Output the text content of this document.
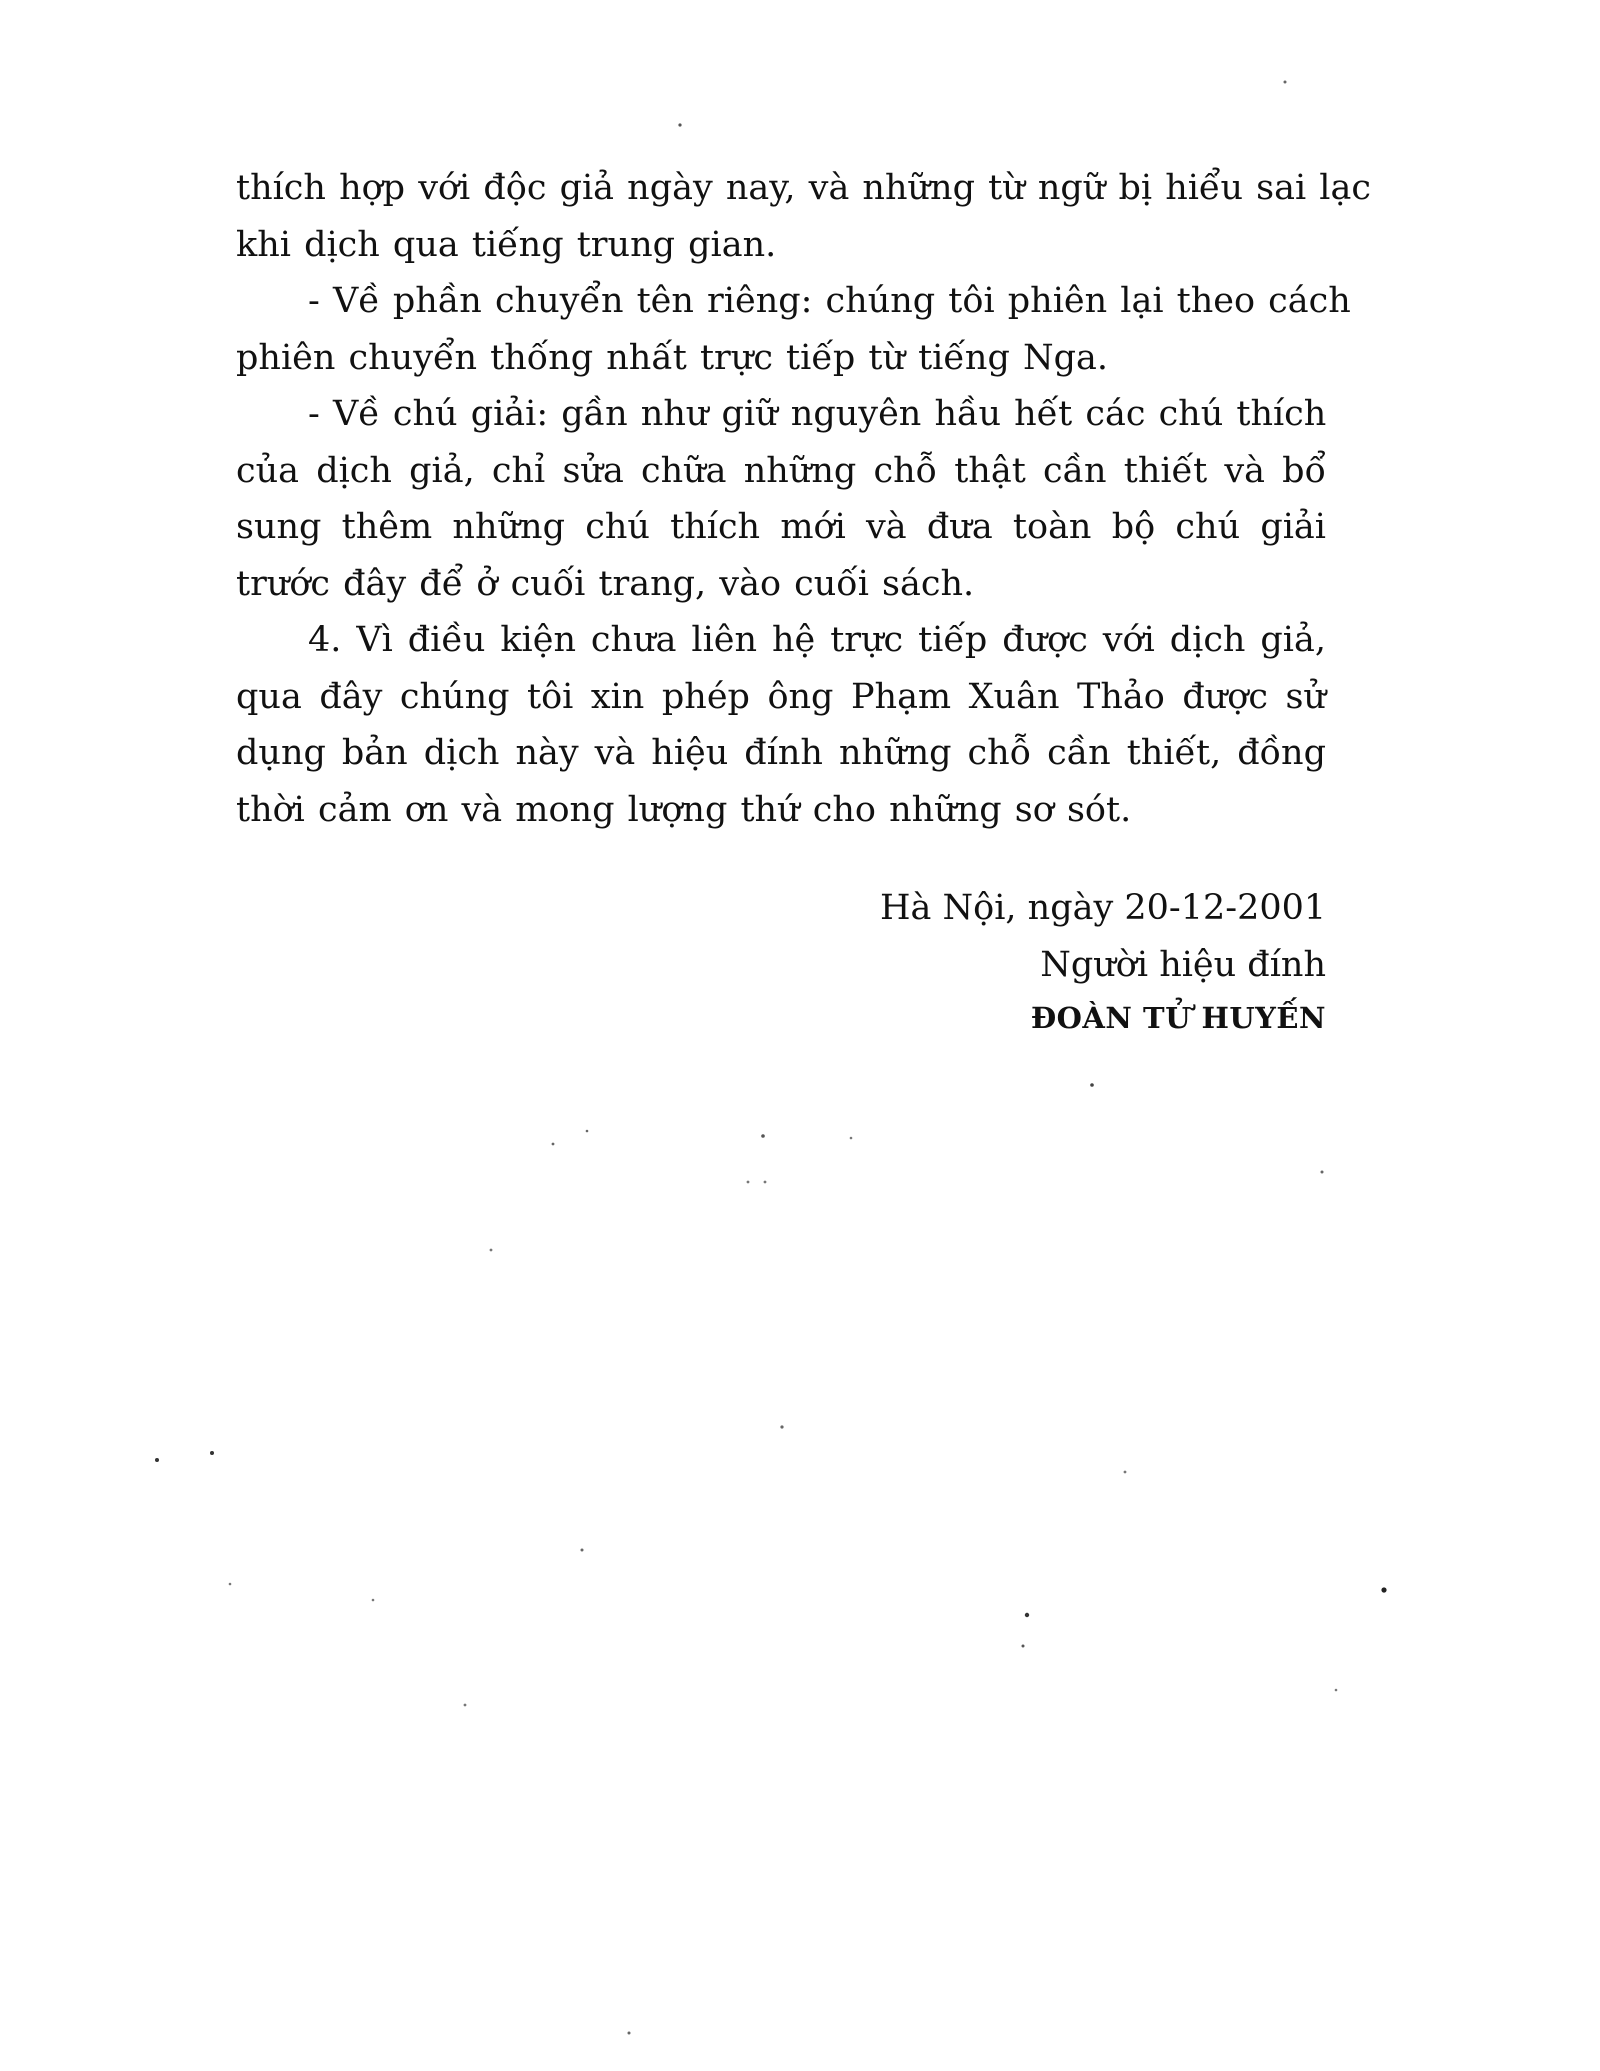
thích hợp với độc giả ngày nay, và những từ ngữ bị hiểu sai lạc
khi dịch qua tiếng trung gian.
- Về phần chuyển tên riêng: chúng tôi phiên lại theo cách
phiên chuyển thống nhất trực tiếp từ tiếng Nga.
- Về chú giải: gần như giữ nguyên hầu hết các chú thích
của dịch giả, chỉ sửa chữa những chỗ thật cần thiết và bổ
sung thêm những chú thích mới và đưa toàn bộ chú giải
trước đây để ở cuối trang, vào cuối sách.
4. Vì điều kiện chưa liên hệ trực tiếp được với dịch giả,
qua đây chúng tôi xin phép ông Phạm Xuân Thảo được sử
dụng bản dịch này và hiệu đính những chỗ cần thiết, đồng
thời cảm ơn và mong lượng thứ cho những sơ sót.
Hà Nội, ngày 20-12-2001
Người hiệu đính
ĐOÀN TỬ HUYẾN
